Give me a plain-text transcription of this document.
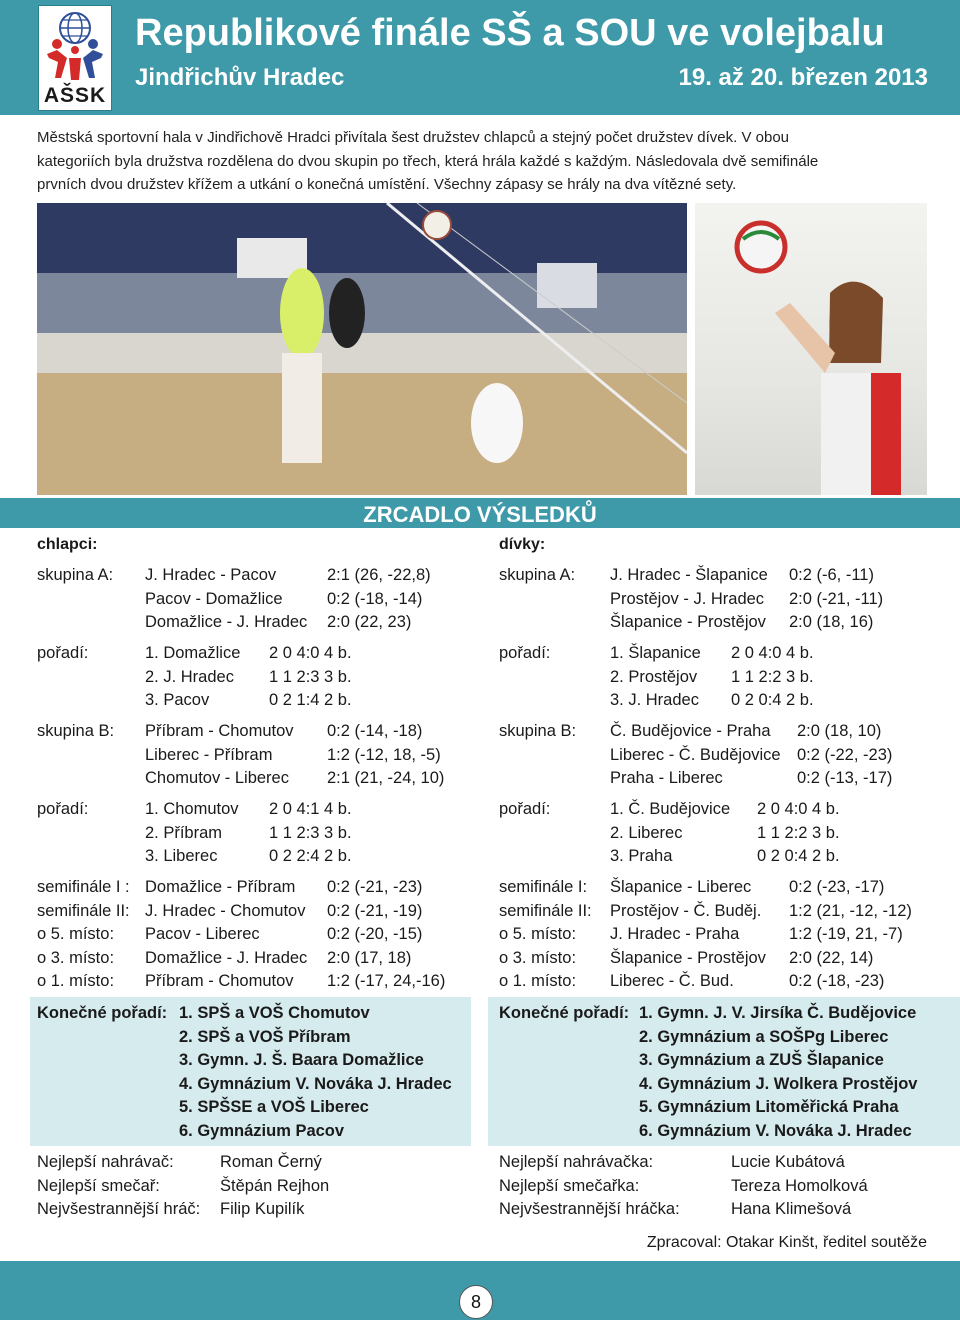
AŠSK
Republikové finále SŠ a SOU ve volejbalu
Jindřichův Hradec	19. až 20. březen 2013
Městská sportovní hala v Jindřichově Hradci přivítala šest družstev chlapců a stejný počet družstev dívek. V obou
kategoriích byla družstva rozdělena do dvou skupin po třech, která hrála každé s každým. Následovala dvě semifinále
prvních dvou družstev křížem a utkání o konečná umístění. Všechny zápasy se hrály na dva vítězné sety.
ZRCADLO VÝSLEDKŮ
chlapci:
skupina A: J. Hradec - Pacov	2:1 (26, -22,8)
Pacov - Domažlice	0:2 (-18, -14)
Domažlice - J. Hradec 2:0 (22, 23)
pořadí:	1. Domažlice 2 0 4:0 4 b.
2. J. Hradec 1 1 2:3 3 b.
3. Pacov	0 2 1:4 2 b.
skupina B: Příbram - Chomutov 0:2 (-14, -18)
Liberec - Příbram	1:2 (-12, 18, -5)
Chomutov - Liberec 2:1 (21, -24, 10)
pořadí:	1. Chomutov 2 0 4:1 4 b.
2. Příbram	1 1 2:3 3 b.
3. Liberec	0 2 2:4 2 b.
semifinále I : Domažlice - Příbram 0:2 (-21, -23)
semifinále II: J. Hradec - Chomutov 0:2 (-21, -19)
o 5. místo: Pacov - Liberec	0:2 (-20, -15)
o 3. místo: Domažlice - J. Hradec 2:0 (17, 18)
o 1. místo: Příbram - Chomutov 1:2 (-17, 24,-16)
dívky:
skupina A: J. Hradec - Šlapanice 0:2 (-6, -11)
Prostějov - J. Hradec 2:0 (-21, -11)
Šlapanice - Prostějov 2:0 (18, 16)
pořadí:	1. Šlapanice 2 0 4:0 4 b.
2. Prostějov 1 1 2:2 3 b.
3. J. Hradec 0 2 0:4 2 b.
skupina B: Č. Budějovice - Praha 2:0 (18, 10)
Liberec - Č. Budějovice 0:2 (-22, -23)
Praha - Liberec	0:2 (-13, -17)
pořadí:	1. Č. Budějovice 2 0 4:0 4 b.
2. Liberec	1 1 2:2 3 b.
3. Praha	0 2 0:4 2 b.
semifinále I: Šlapanice - Liberec 0:2 (-23, -17)
semifinále II: Prostějov - Č. Buděj. 1:2 (21, -12, -12)
o 5. místo: J. Hradec - Praha	1:2 (-19, 21, -7)
o 3. místo: Šlapanice - Prostějov 2:0 (22, 14)
o 1. místo: Liberec - Č. Bud.	0:2 (-18, -23)
Konečné pořadí: 1. SPŠ a VOŠ Chomutov
2. SPŠ a VOŠ Příbram
3. Gymn. J. Š. Baara Domažlice
4. Gymnázium V. Nováka J. Hradec
5. SPŠSE a VOŠ Liberec
6. Gymnázium Pacov
Konečné pořadí: 1. Gymn. J. V. Jirsíka Č. Budějovice
2. Gymnázium a SOŠPg Liberec
3. Gymnázium a ZUŠ Šlapanice
4. Gymnázium J. Wolkera Prostějov
5. Gymnázium Litoměřická Praha
6. Gymnázium V. Nováka J. Hradec
Nejlepší nahrávač:	Roman Černý
Nejlepší smečař:	Štěpán Rejhon
Nejvšestrannější hráč: Filip Kupilík
Nejlepší nahrávačka:	Lucie Kubátová
Nejlepší smečařka:	Tereza Homolková
Nejvšestrannější hráčka:	Hana Klimešová
Zpracoval: Otakar Kinšt, ředitel soutěže
8
